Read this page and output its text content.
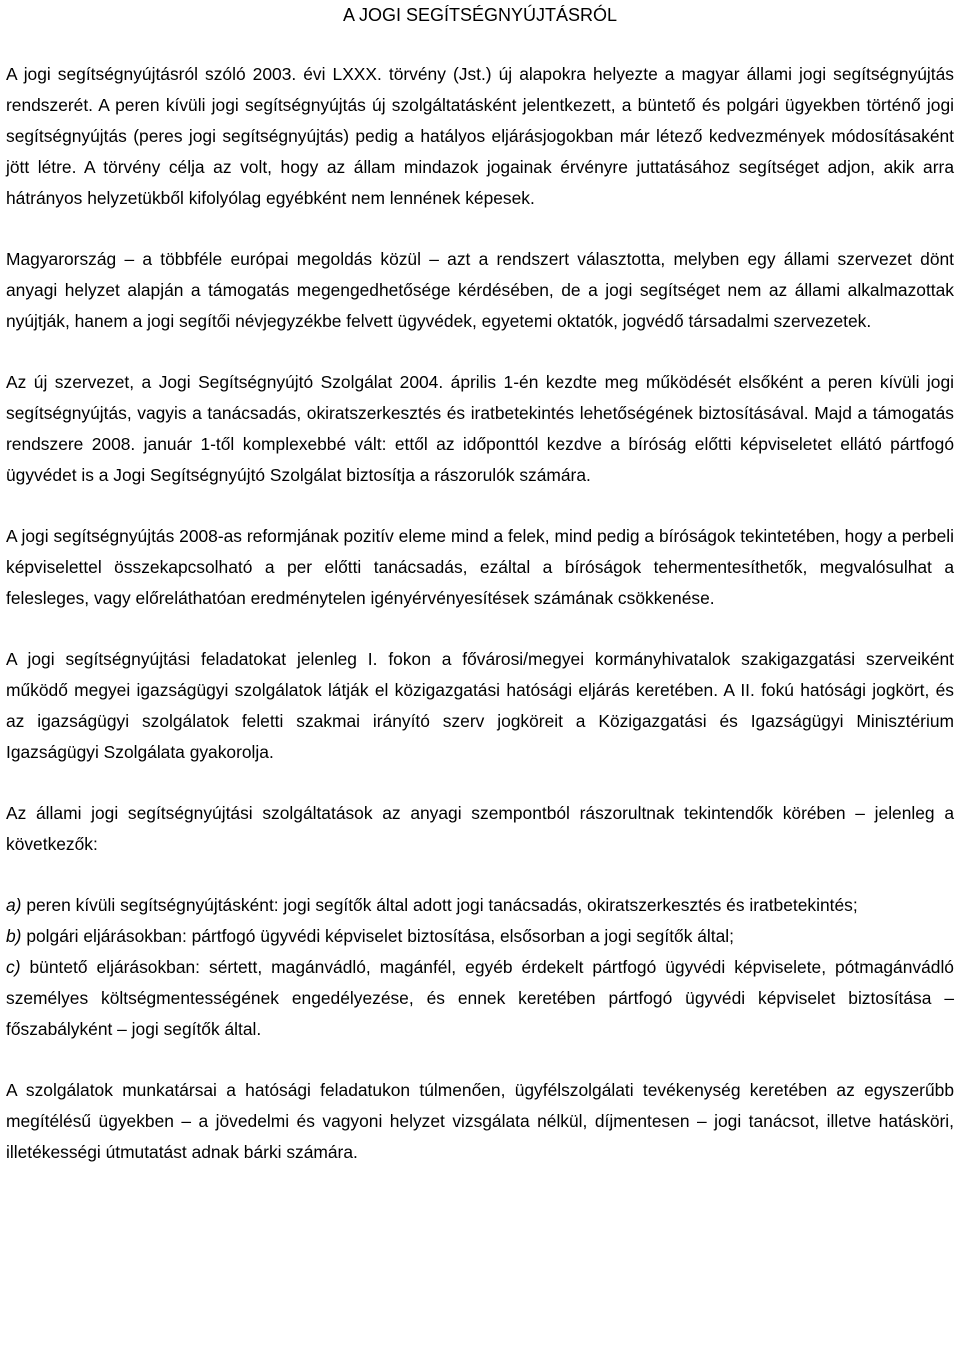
A JOGI SEGÍTSÉGNYÚJTÁSRÓL

A jogi segítségnyújtásról szóló 2003. évi LXXX. törvény (Jst.) új alapokra helyezte a magyar állami jogi segítségnyújtás rendszerét. A peren kívüli jogi segítségnyújtás új szolgáltatásként jelentkezett, a büntető és polgári ügyekben történő jogi segítségnyújtás (peres jogi segítségnyújtás) pedig a hatályos eljárásjogokban már létező kedvezmények módosításaként jött létre. A törvény célja az volt, hogy az állam mindazok jogainak érvényre juttatásához segítséget adjon, akik arra hátrányos helyzetükből kifolyólag egyébként nem lennének képesek.

Magyarország – a többféle európai megoldás közül – azt a rendszert választotta, melyben egy állami szervezet dönt anyagi helyzet alapján a támogatás megengedhetősége kérdésében, de a jogi segítséget nem az állami alkalmazottak nyújtják, hanem a jogi segítői névjegyzékbe felvett ügyvédek, egyetemi oktatók, jogvédő társadalmi szervezetek.

Az új szervezet, a Jogi Segítségnyújtó Szolgálat 2004. április 1-én kezdte meg működését elsőként a peren kívüli jogi segítségnyújtás, vagyis a tanácsadás, okiratszerkesztés és iratbetekintés lehetőségének biztosításával. Majd a támogatás rendszere 2008. január 1-től komplexebbé vált: ettől az időponttól kezdve a bíróság előtti képviseletet ellátó pártfogó ügyvédet is a Jogi Segítségnyújtó Szolgálat biztosítja a rászorulók számára.

A jogi segítségnyújtás 2008-as reformjának pozitív eleme mind a felek, mind pedig a bíróságok tekintetében, hogy a perbeli képviselettel összekapcsolható a per előtti tanácsadás, ezáltal a bíróságok tehermentesíthetők, megvalósulhat a felesleges, vagy előreláthatóan eredménytelen igényérvényesítések számának csökkenése.

A jogi segítségnyújtási feladatokat jelenleg I. fokon a fővárosi/megyei kormányhivatalok szakigazgatási szerveiként működő megyei igazságügyi szolgálatok látják el közigazgatási hatósági eljárás keretében. A II. fokú hatósági jogkört, és az igazságügyi szolgálatok feletti szakmai irányító szerv jogköreit a Közigazgatási és Igazságügyi Minisztérium Igazságügyi Szolgálata gyakorolja.

Az állami jogi segítségnyújtási szolgáltatások az anyagi szempontból rászorultnak tekintendők körében – jelenleg a következők:

a) peren kívüli segítségnyújtásként: jogi segítők által adott jogi tanácsadás, okiratszerkesztés és iratbetekintés;

b) polgári eljárásokban: pártfogó ügyvédi képviselet biztosítása, elsősorban a jogi segítők által;

c) büntető eljárásokban: sértett, magánvádló, magánfél, egyéb érdekelt pártfogó ügyvédi képviselete, pótmagánvádló személyes költségmentességének engedélyezése, és ennek keretében pártfogó ügyvédi képviselet biztosítása – főszabályként – jogi segítők által.

A szolgálatok munkatársai a hatósági feladatukon túlmenően, ügyfélszolgálati tevékenység keretében az egyszerűbb megítélésű ügyekben – a jövedelmi és vagyoni helyzet vizsgálata nélkül, díjmentesen – jogi tanácsot, illetve hatásköri, illetékességi útmutatást adnak bárki számára.
